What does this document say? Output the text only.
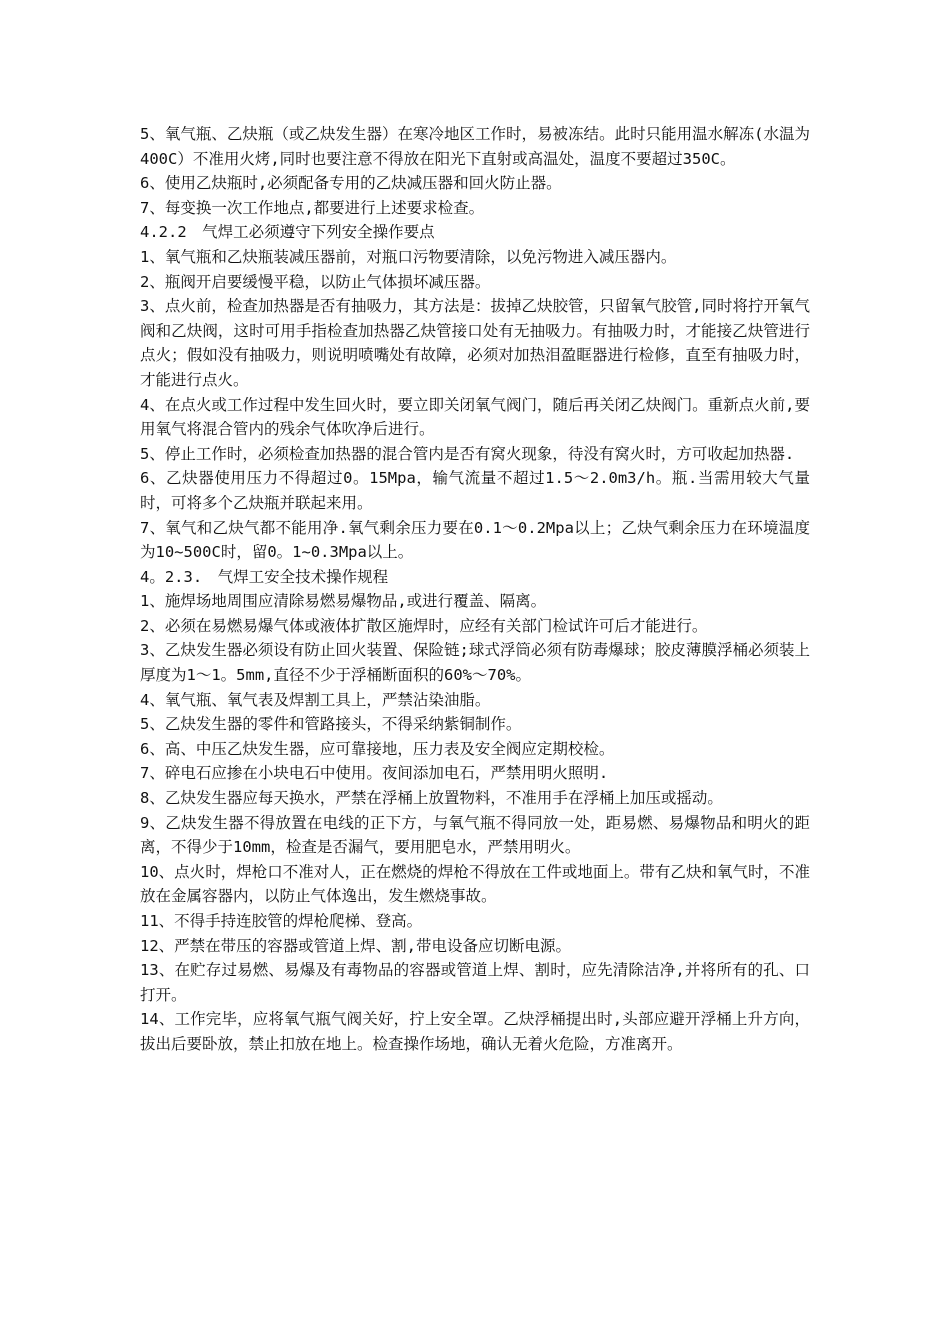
5、氧气瓶、乙炔瓶（或乙炔发生器）在寒冷地区工作时，易被冻结。此时只能用温水解冻(水温为400C）不准用火烤,同时也要注意不得放在阳光下直射或高温处，温度不要超过350C。

6、使用乙炔瓶时,必须配备专用的乙炔减压器和回火防止器。

7、每变换一次工作地点,都要进行上述要求检查。

4.2.2　气焊工必须遵守下列安全操作要点

1、氧气瓶和乙炔瓶装减压器前，对瓶口污物要清除，以免污物进入减压器内。

2、瓶阀开启要缓慢平稳，以防止气体损坏减压器。

3、点火前，检查加热器是否有抽吸力，其方法是：拔掉乙炔胶管，只留氧气胶管,同时将拧开氧气阀和乙炔阀，这时可用手指检查加热器乙炔管接口处有无抽吸力。有抽吸力时，才能接乙炔管进行点火；假如没有抽吸力，则说明喷嘴处有故障，必须对加热泪盈眶器进行检修，直至有抽吸力时，才能进行点火。

4、在点火或工作过程中发生回火时，要立即关闭氧气阀门，随后再关闭乙炔阀门。重新点火前,要用氧气将混合管内的残余气体吹净后进行。

5、停止工作时，必须检查加热器的混合管内是否有窝火现象，待没有窝火时，方可收起加热器.

6、乙炔器使用压力不得超过0。15Mpa，输气流量不超过1.5～2.0m3/h。瓶.当需用较大气量时，可将多个乙炔瓶并联起来用。

7、氧气和乙炔气都不能用净.氧气剩余压力要在0.1～0.2Mpa以上；乙炔气剩余压力在环境温度为10~500C时，留0。1~0.3Mpa以上。

4。2.3.　气焊工安全技术操作规程

1、施焊场地周围应清除易燃易爆物品,或进行覆盖、隔离。

2、必须在易燃易爆气体或液体扩散区施焊时，应经有关部门检试许可后才能进行。

3、乙炔发生器必须设有防止回火装置、保险链;球式浮筒必须有防毒爆球；胶皮薄膜浮桶必须装上厚度为1～1。5mm,直径不少于浮桶断面积的60%～70%。

4、氧气瓶、氧气表及焊割工具上，严禁沾染油脂。

5、乙炔发生器的零件和管路接头，不得采纳紫铜制作。

6、高、中压乙炔发生器，应可靠接地，压力表及安全阀应定期校检。

7、碎电石应掺在小块电石中使用。夜间添加电石，严禁用明火照明.

8、乙炔发生器应每天换水，严禁在浮桶上放置物料，不准用手在浮桶上加压或摇动。

9、乙炔发生器不得放置在电线的正下方，与氧气瓶不得同放一处，距易燃、易爆物品和明火的距离，不得少于10mm，检查是否漏气，要用肥皂水，严禁用明火。

10、点火时，焊枪口不准对人，正在燃烧的焊枪不得放在工件或地面上。带有乙炔和氧气时，不准放在金属容器内，以防止气体逸出，发生燃烧事故。

11、不得手持连胶管的焊枪爬梯、登高。

12、严禁在带压的容器或管道上焊、割,带电设备应切断电源。

13、在贮存过易燃、易爆及有毒物品的容器或管道上焊、割时，应先清除洁净,并将所有的孔、口打开。

14、工作完毕，应将氧气瓶气阀关好，拧上安全罩。乙炔浮桶提出时,头部应避开浮桶上升方向，拔出后要卧放，禁止扣放在地上。检查操作场地，确认无着火危险，方准离开。
